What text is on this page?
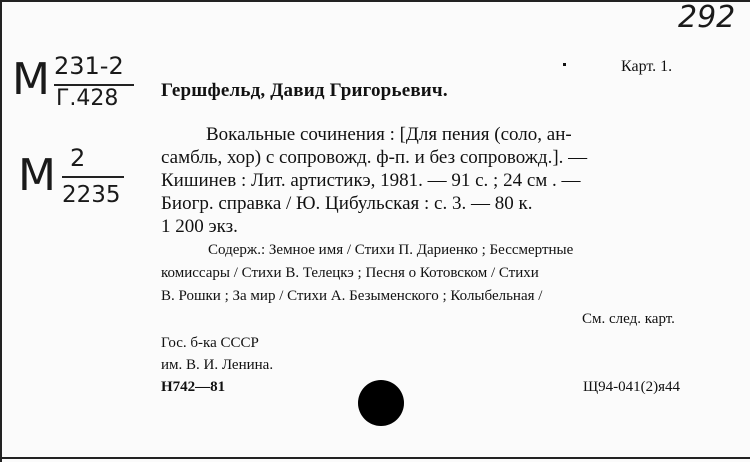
М 231-2
Г.428
М 2
2235
292
Карт. 1.
Гершфельд, Давид Григорьевич.
Вокальные сочинения : [Для пения (соло, ан-
самбль, хор) с сопровожд. ф-п. и без сопровожд.]. —
Кишинев : Лит. артистикэ, 1981. — 91 с. ; 24 см . —
Биогр. справка / Ю. Цибульская : с. 3. — 80 к.
1 200 экз.
Содерж.: Земное имя / Стихи П. Дариенко ; Бессмертные
комиссары / Стихи В. Телецкэ ; Песня о Котовском / Стихи
В. Рошки ; За мир / Стихи А. Безыменского ; Колыбельная /
См. след. карт.
Гос. б-ка СССР
им. В. И. Ленина.
Н742—81	Щ94-041(2)я44
